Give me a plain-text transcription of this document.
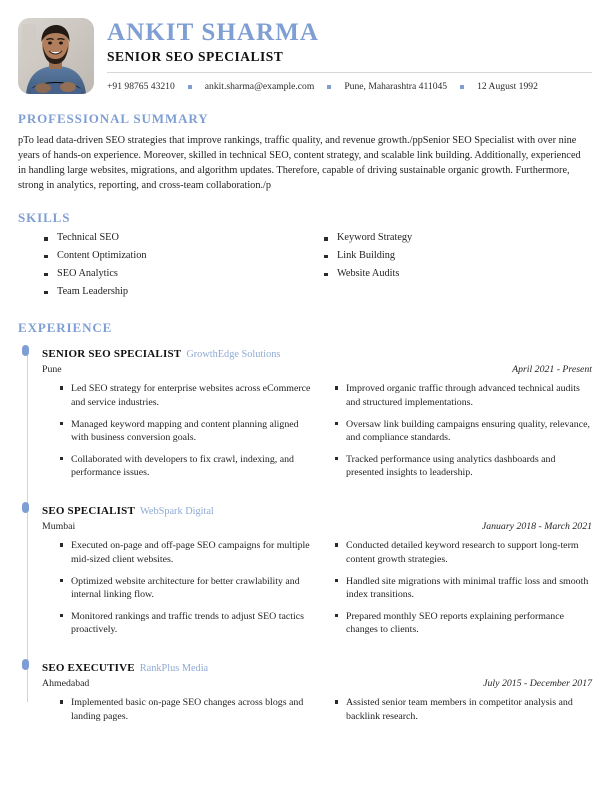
ANKIT SHARMA
SENIOR SEO SPECIALIST
+91 98765 43210	ankit.sharma@example.com	Pune, Maharashtra 411045	12 August 1992
PROFESSIONAL SUMMARY

pTo lead data-driven SEO strategies that improve rankings, traffic quality, and revenue growth./ppSenior SEO Specialist with over nine years of hands-on experience. Moreover, skilled in technical SEO, content strategy, and scalable link building. Additionally, experienced in handling large websites, migrations, and algorithm updates. Therefore, capable of driving sustainable organic growth. Furthermore, strong in analytics, reporting, and cross-team collaboration./p

SKILLS
Technical SEO
Content Optimization
SEO Analytics
Team Leadership
Keyword Strategy
Link Building
Website Audits
EXPERIENCE
SENIOR SEO SPECIALIST GrowthEdge Solutions
Pune	April 2021 - Present
Led SEO strategy for enterprise websites across eCommerce and service industries.
Managed keyword mapping and content planning aligned with business conversion goals.
Collaborated with developers to fix crawl, indexing, and performance issues.
Improved organic traffic through advanced technical audits and structured implementations.
Oversaw link building campaigns ensuring quality, relevance, and compliance standards.
Tracked performance using analytics dashboards and presented insights to leadership.
SEO SPECIALIST WebSpark Digital
Mumbai	January 2018 - March 2021
Executed on-page and off-page SEO campaigns for multiple mid-sized client websites.
Optimized website architecture for better crawlability and internal linking flow.
Monitored rankings and traffic trends to adjust SEO tactics proactively.
Conducted detailed keyword research to support long-term content growth strategies.
Handled site migrations with minimal traffic loss and smooth index transitions.
Prepared monthly SEO reports explaining performance changes to clients.
SEO EXECUTIVE RankPlus Media
Ahmedabad	July 2015 - December 2017
Implemented basic on-page SEO changes across blogs and landing pages.
Assisted senior team members in competitor analysis and backlink research.
